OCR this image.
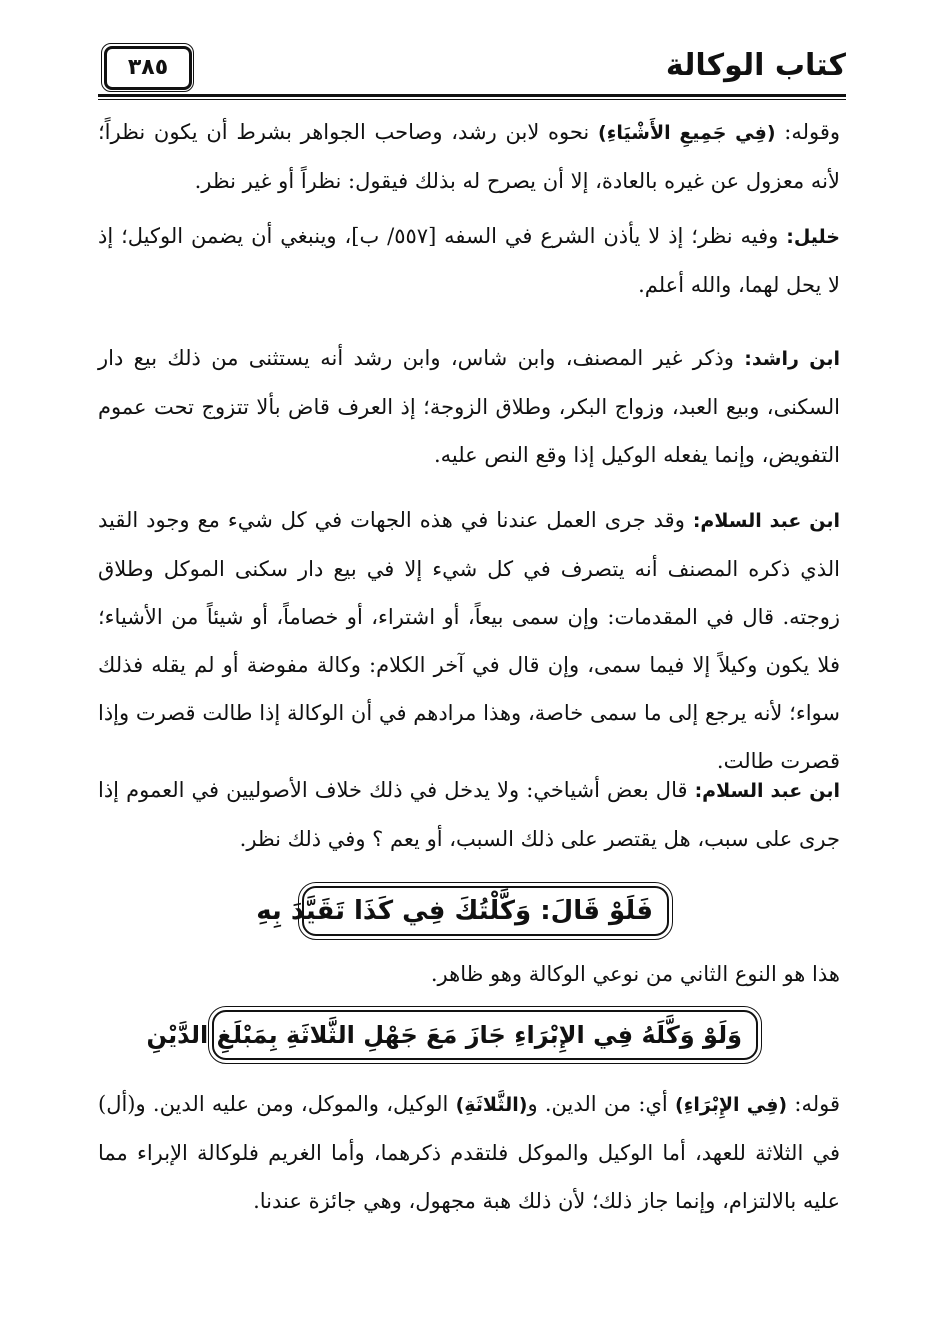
كتاب الوكالة
٣٨٥

وقوله: (فِي جَمِيعِ الأَشْيَاءِ) نحوه لابن رشد، وصاحب الجواهر بشرط أن يكون نظراً؛ لأنه معزول عن غيره بالعادة، إلا أن يصرح له بذلك فيقول: نظراً أو غير نظر.

خليل: وفيه نظر؛ إذ لا يأذن الشرع في السفه [٥٥٧/ ب]، وينبغي أن يضمن الوكيل؛ إذ لا يحل لهما، والله أعلم.

ابن راشد: وذكر غير المصنف، وابن شاس، وابن رشد أنه يستثنى من ذلك بيع دار السكنى، وبيع العبد، وزواج البكر، وطلاق الزوجة؛ إذ العرف قاض بألا تتزوج تحت عموم التفويض، وإنما يفعله الوكيل إذا وقع النص عليه.

ابن عبد السلام: وقد جرى العمل عندنا في هذه الجهات في كل شيء مع وجود القيد الذي ذكره المصنف أنه يتصرف في كل شيء إلا في بيع دار سكنى الموكل وطلاق زوجته. قال في المقدمات: وإن سمى بيعاً، أو اشتراء، أو خصاماً، أو شيئاً من الأشياء؛ فلا يكون وكيلاً إلا فيما سمى، وإن قال في آخر الكلام: وكالة مفوضة أو لم يقله فذلك سواء؛ لأنه يرجع إلى ما سمى خاصة، وهذا مرادهم في أن الوكالة إذا طالت قصرت وإذا قصرت طالت.

ابن عبد السلام: قال بعض أشياخي: ولا يدخل في ذلك خلاف الأصوليين في العموم إذا جرى على سبب، هل يقتصر على ذلك السبب، أو يعم ؟ وفي ذلك نظر.

فَلَوْ قَالَ: وَكَّلْتُكَ فِي كَذَا تَقَيَّدَ بِهِ

هذا هو النوع الثاني من نوعي الوكالة وهو ظاهر.

وَلَوْ وَكَّلَهُ فِي الإِبْرَاءِ جَازَ مَعَ جَهْلِ الثَّلاثَةِ بِمَبْلَغِ الدَّيْنِ

قوله: (فِي الإِبْرَاءِ) أي: من الدين. و(الثَّلاثَةِ) الوكيل، والموكل، ومن عليه الدين. و(أل) في الثلاثة للعهد، أما الوكيل والموكل فلتقدم ذكرهما، وأما الغريم فلوكالة الإبراء مما عليه بالالتزام، وإنما جاز ذلك؛ لأن ذلك هبة مجهول، وهي جائزة عندنا.
